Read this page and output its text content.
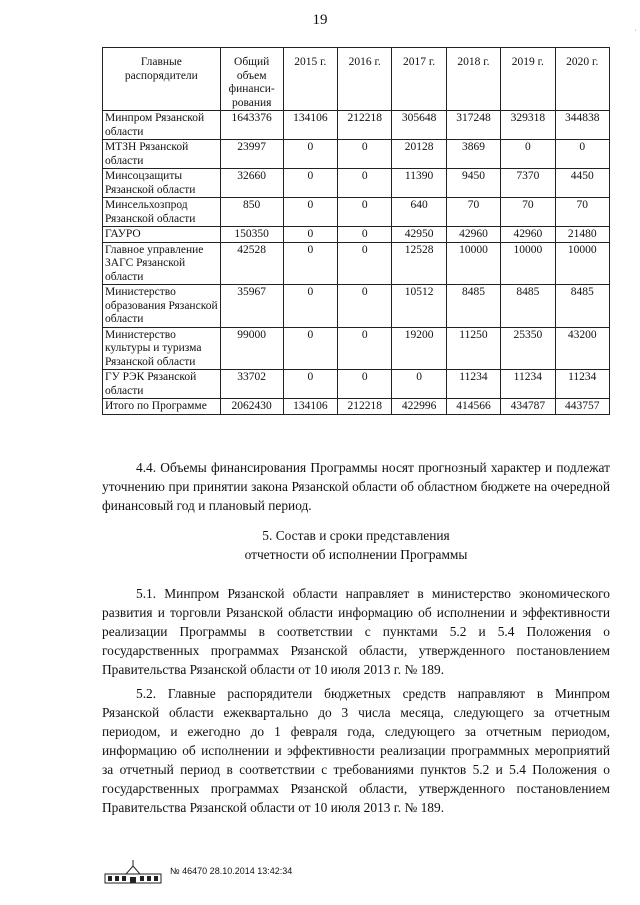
19
·
Главные распорядители	Общий объем финанси-рования	2015 г.	2016 г.	2017 г.	2018 г.	2019 г.	2020 г.
Минпром Рязанской области	1643376	134106	212218	305648	317248	329318	344838
МТЗН Рязанской области	23997	0	0	20128	3869	0	0
Минсоцзащиты Рязанской области	32660	0	0	11390	9450	7370	4450
Минсельхозпрод Рязанской области	850	0	0	640	70	70	70
ГАУРО	150350	0	0	42950	42960	42960	21480
Главное управление ЗАГС Рязанской области	42528	0	0	12528	10000	10000	10000
Министерство образования Рязанской области	35967	0	0	10512	8485	8485	8485
Министерство культуры и туризма Рязанской области	99000	0	0	19200	11250	25350	43200
ГУ РЭК Рязанской области	33702	0	0	0	11234	11234	11234
Итого по Программе	2062430	134106	212218	422996	414566	434787	443757

4.4. Объемы финансирования Программы носят прогнозный характер и подлежат уточнению при принятии закона Рязанской области об областном бюджете на очередной финансовый год и плановый период.

5. Состав и сроки представления

отчетности об исполнении Программы

5.1. Минпром Рязанской области направляет в министерство экономического развития и торговли Рязанской области информацию об исполнении и эффективности реализации Программы в соответствии с пунктами 5.2 и 5.4 Положения о государственных программах Рязанской области, утвержденного постановлением Правительства Рязанской области от 10 июля 2013 г. № 189.

5.2. Главные распорядители бюджетных средств направляют в Минпром Рязанской области ежеквартально до 3 числа месяца, следующего за отчетным периодом, и ежегодно до 1 февраля года, следующего за отчетным периодом, информацию об исполнении и эффективности реализации программных мероприятий за отчетный период в соответствии с требованиями пунктов 5.2 и 5.4 Положения о государственных программах Рязанской области, утвержденного постановлением Правительства Рязанской области от 10 июля 2013 г. № 189.

№ 46470 28.10.2014 13:42:34
